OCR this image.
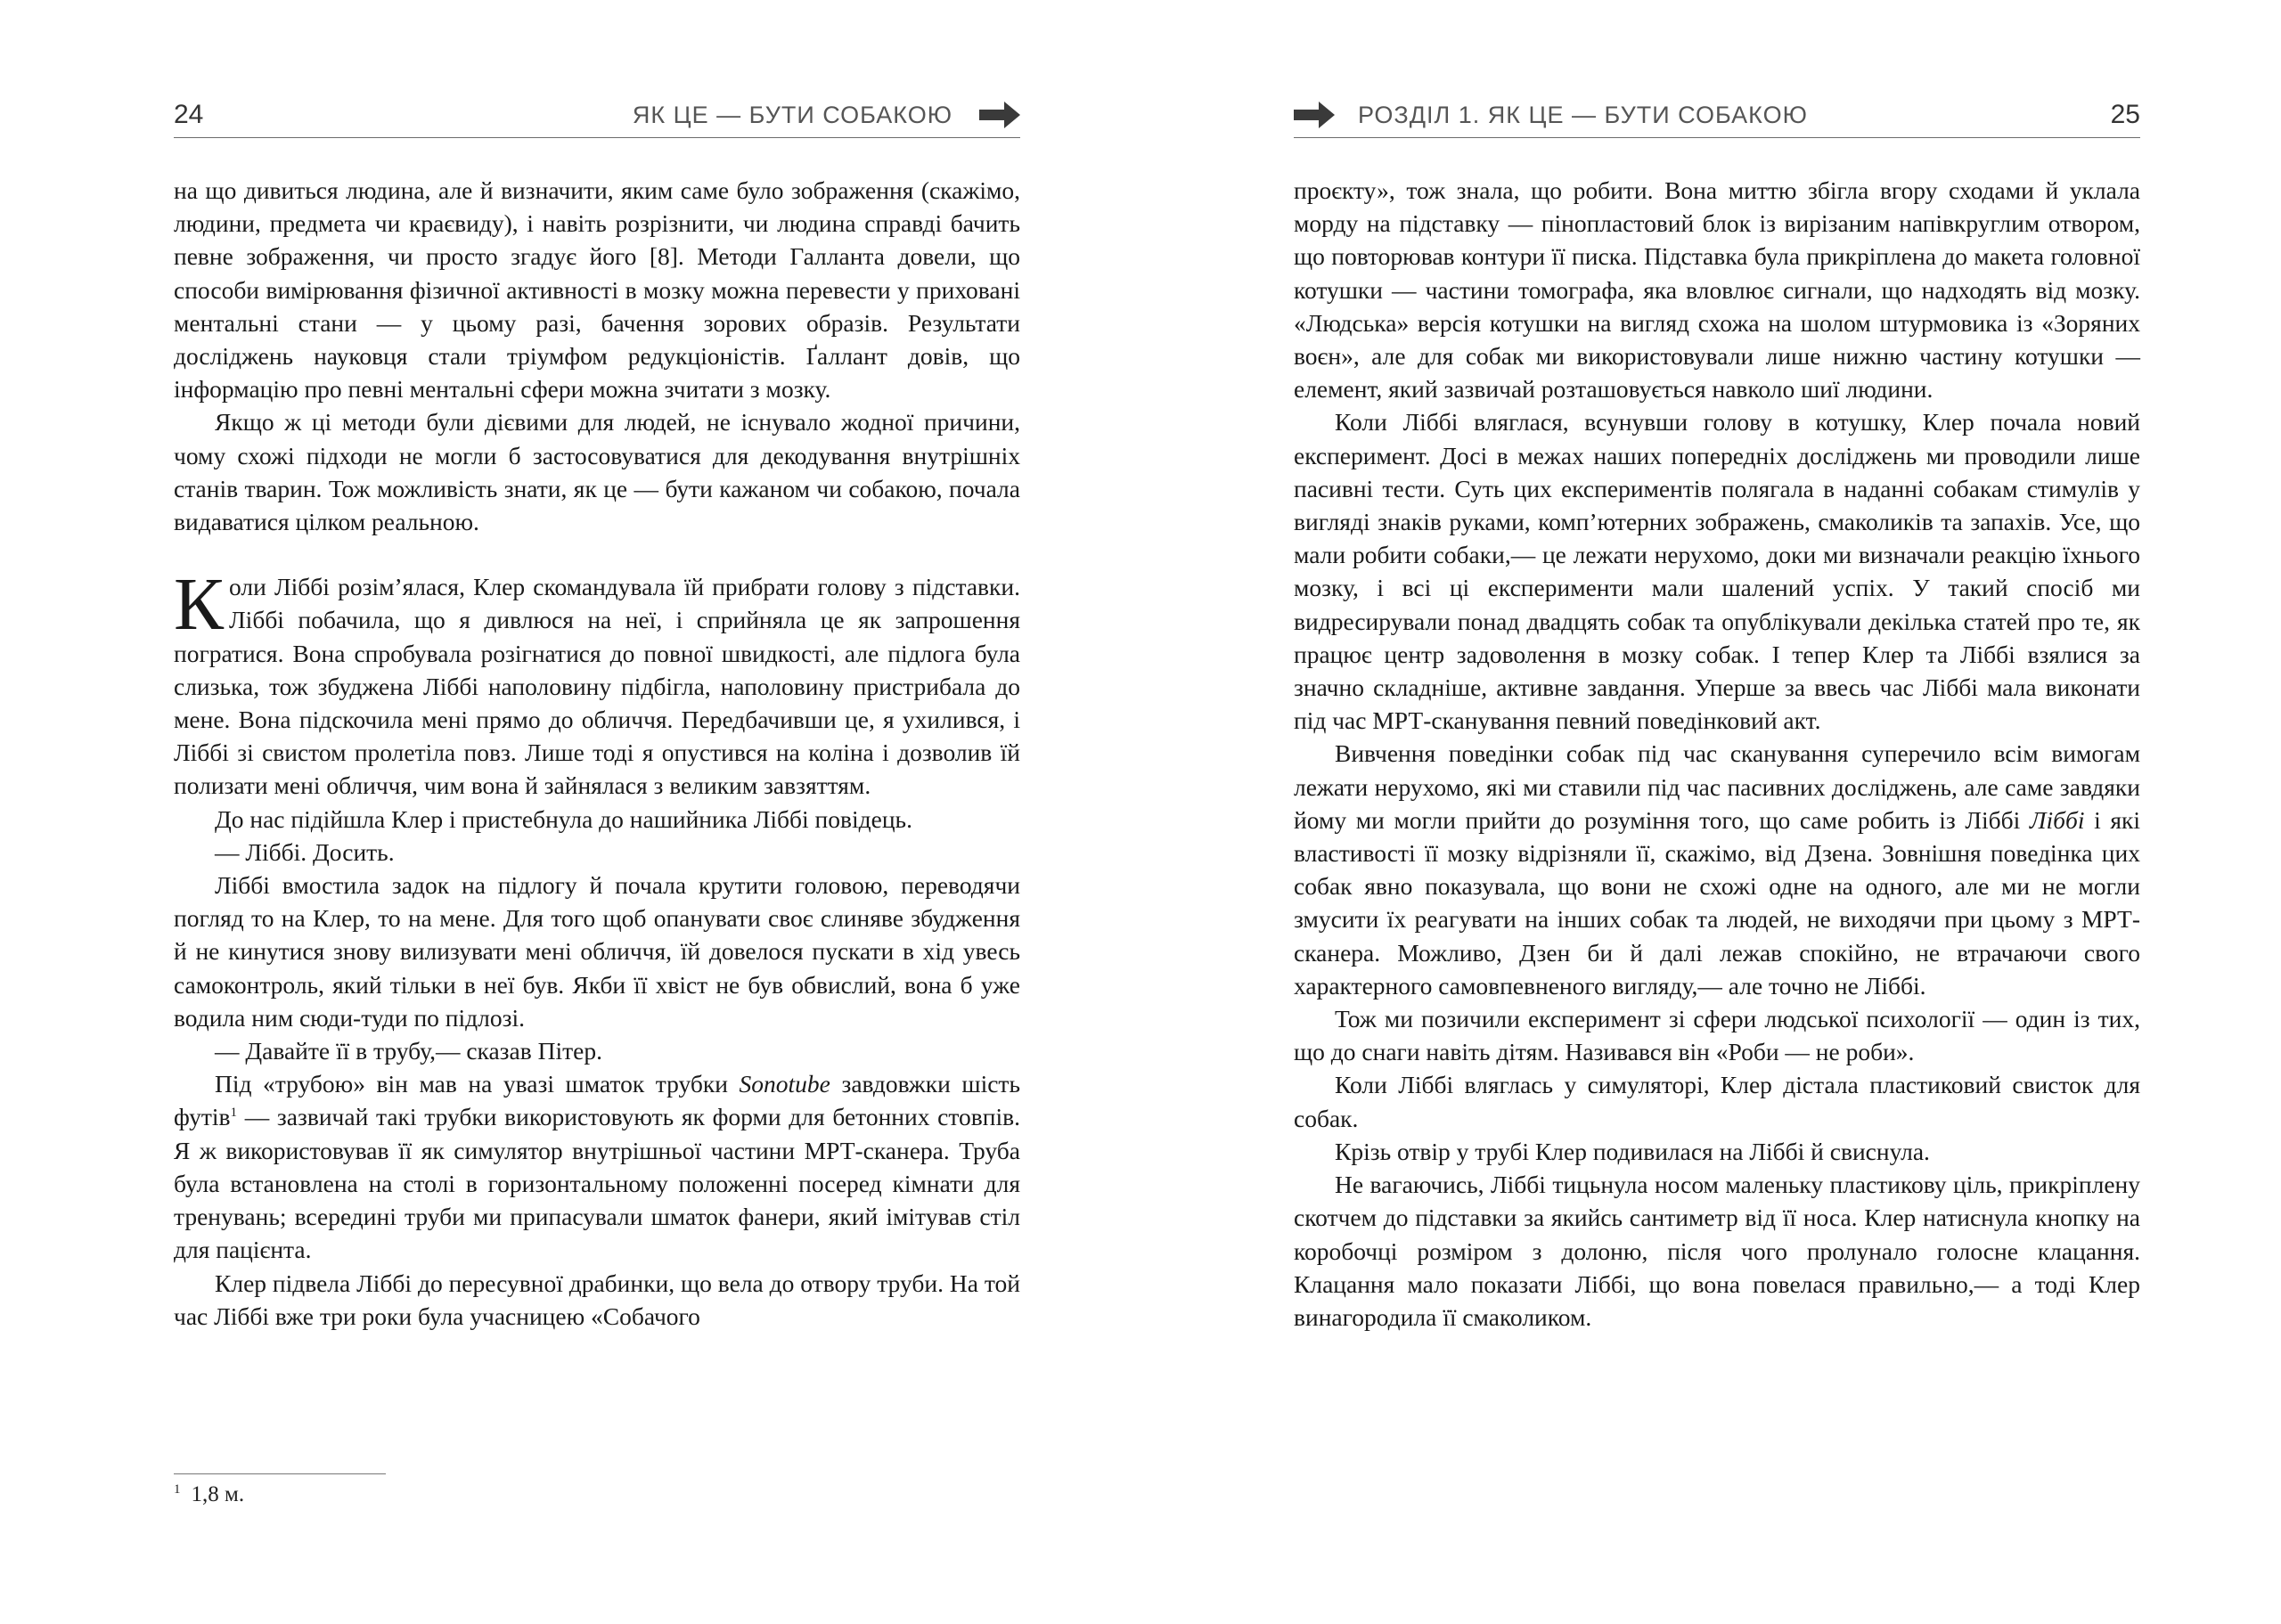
24	ЯК ЦЕ — БУТИ СОБАКОЮ

на що дивиться людина, але й визначити, яким саме було зображення (скажімо, людини, предмета чи краєвиду), і навіть розрізнити, чи людина справді бачить певне зображення, чи просто згадує його [8]. Методи Галланта довели, що способи вимірювання фізичної активності в мозку можна перевести у приховані ментальні стани — у цьому разі, бачення зорових образів. Результати досліджень науковця стали тріумфом редукціоністів. Ґаллант довів, що інформацію про певні ментальні сфери можна зчитати з мозку.

Якщо ж ці методи були дієвими для людей, не існувало жодної причини, чому схожі підходи не могли б застосовуватися для декодування внутрішніх станів тварин. Тож можливість знати, як це — бути кажаном чи собакою, почала видаватися цілком реальною.

Коли Ліббі розім’ялася, Клер скомандувала їй прибрати голову з підставки. Ліббі побачила, що я дивлюся на неї, і сприйняла це як запрошення погратися. Вона спробувала розігнатися до повної швидкості, але підлога була слизька, тож збуджена Ліббі наполовину підбігла, наполовину пристрибала до мене. Вона підскочила мені прямо до обличчя. Передбачивши це, я ухилився, і Ліббі зі свистом пролетіла повз. Лише тоді я опустився на коліна і дозволив їй полизати мені обличчя, чим вона й зайнялася з великим завзяттям.

До нас підійшла Клер і пристебнула до нашийника Ліббі повідець.

— Ліббі. Досить.

Ліббі вмостила задок на підлогу й почала крутити головою, переводячи погляд то на Клер, то на мене. Для того щоб опанувати своє слиняве збудження й не кинутися знову вилизувати мені обличчя, їй довелося пускати в хід увесь самоконтроль, який тільки в неї був. Якби її хвіст не був обвислий, вона б уже водила ним сюди-туди по підлозі.

— Давайте її в трубу,— сказав Пітер.

Під «трубою» він мав на увазі шматок трубки Sonotube завдовжки шість футів$^1$ — зазвичай такі трубки використовують як форми для бетонних стовпів. Я ж використовував її як симулятор внутрішньої частини МРТ-сканера. Труба була встановлена на столі в горизонтальному положенні посеред кімнати для тренувань; всередині труби ми припасували шматок фанери, який імітував стіл для пацієнта.

Клер підвела Ліббі до пересувної драбинки, що вела до отвору труби. На той час Ліббі вже три роки була учасницею «Собачого

$^1$ 1,8 м.
РОЗДІЛ 1. ЯК ЦЕ — БУТИ СОБАКОЮ	25

проєкту», тож знала, що робити. Вона миттю збігла вгору сходами й уклала морду на підставку — пінопластовий блок із вирізаним напівкруглим отвором, що повторював контури її писка. Підставка була прикріплена до макета головної котушки — частини томографа, яка вловлює сигнали, що надходять від мозку. «Людська» версія котушки на вигляд схожа на шолом штурмовика із «Зоряних воєн», але для собак ми використовували лише нижню частину котушки — елемент, який зазвичай розташовується навколо шиї людини.

Коли Ліббі вляглася, всунувши голову в котушку, Клер почала новий експеримент. Досі в межах наших попередніх досліджень ми проводили лише пасивні тести. Суть цих експериментів полягала в наданні собакам стимулів у вигляді знаків руками, комп’ютерних зображень, смаколиків та запахів. Усе, що мали робити собаки,— це лежати нерухомо, доки ми визначали реакцію їхнього мозку, і всі ці експерименти мали шалений успіх. У такий спосіб ми видресирували понад двадцять собак та опублікували декілька статей про те, як працює центр задоволення в мозку собак. І тепер Клер та Ліббі взялися за значно складніше, активне завдання. Уперше за ввесь час Ліббі мала виконати під час МРТ-сканування певний поведінковий акт.

Вивчення поведінки собак під час сканування суперечило всім вимогам лежати нерухомо, які ми ставили під час пасивних досліджень, але саме завдяки йому ми могли прийти до розуміння того, що саме робить із Ліббі Ліббі і які властивості її мозку відрізняли її, скажімо, від Дзена. Зовнішня поведінка цих собак явно показувала, що вони не схожі одне на одного, але ми не могли змусити їх реагувати на інших собак та людей, не виходячи при цьому з МРТ-сканера. Можливо, Дзен би й далі лежав спокійно, не втрачаючи свого характерного самовпевненого вигляду,— але точно не Ліббі.

Тож ми позичили експеримент зі сфери людської психології — один із тих, що до снаги навіть дітям. Називався він «Роби — не роби».

Коли Ліббі вляглась у симуляторі, Клер дістала пластиковий свисток для собак.

Крізь отвір у трубі Клер подивилася на Ліббі й свиснула.

Не вагаючись, Ліббі тицьнула носом маленьку пластикову ціль, прикріплену скотчем до підставки за якийсь сантиметр від її носа. Клер натиснула кнопку на коробочці розміром з долоню, після чого пролунало голосне клацання. Клацання мало показати Ліббі, що вона повелася правильно,— а тоді Клер винагородила її смаколиком.
